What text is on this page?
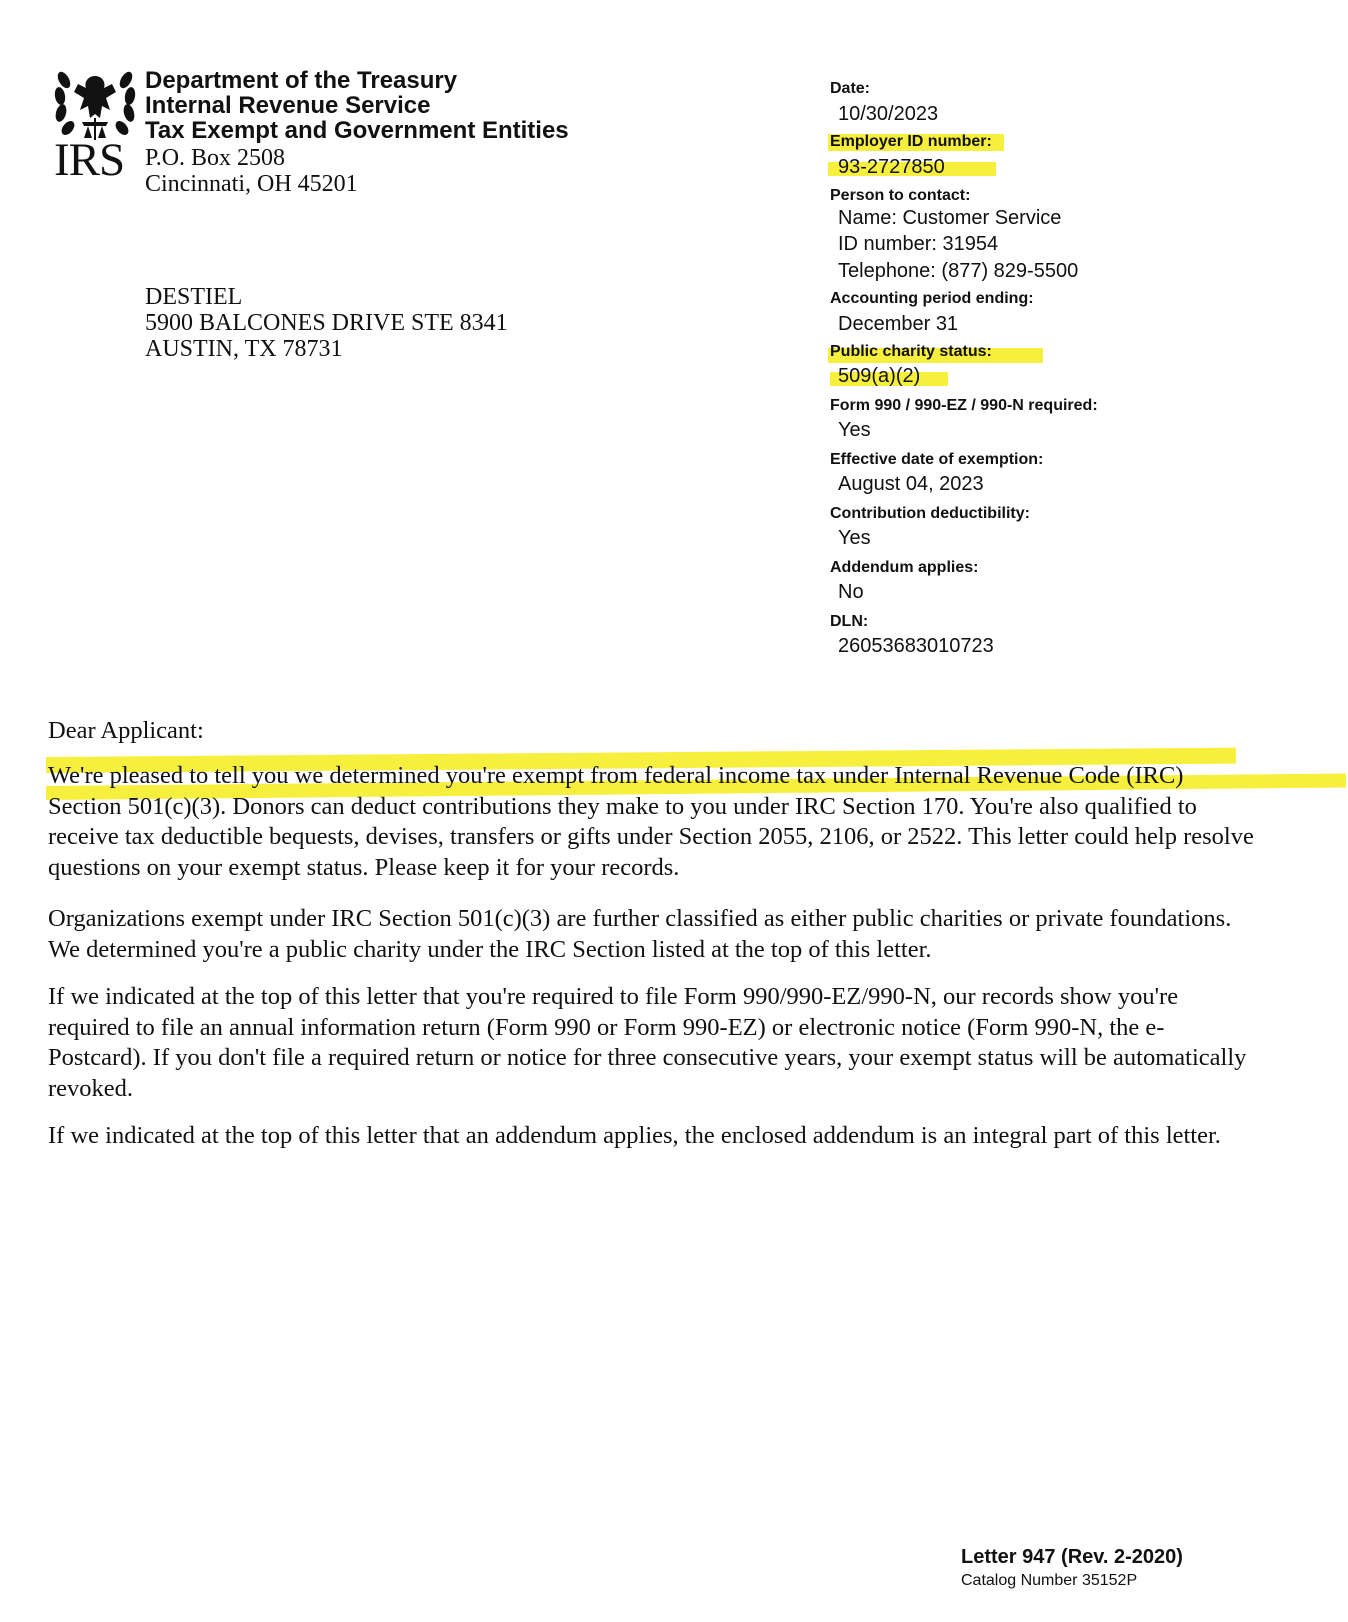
IRS
Department of the Treasury
Internal Revenue Service
Tax Exempt and Government Entities
P.O. Box 2508
Cincinnati, OH 45201
DESTIEL
5900 BALCONES DRIVE STE 8341
AUSTIN, TX 78731
Date:
10/30/2023
Employer ID number:
93-2727850
Person to contact:
Name: Customer Service
ID number: 31954
Telephone: (877) 829-5500
Accounting period ending:
December 31
Public charity status:
509(a)(2)
Form 990 / 990-EZ / 990-N required:
Yes
Effective date of exemption:
August 04, 2023
Contribution deductibility:
Yes
Addendum applies:
No
DLN:
26053683010723
Dear Applicant:
We're pleased to tell you we determined you're exempt from federal income tax under Internal Revenue Code (IRC) Section 501(c)(3). Donors can deduct contributions they make to you under IRC Section 170. You're also qualified to receive tax deductible bequests, devises, transfers or gifts under Section 2055, 2106, or 2522. This letter could help resolve questions on your exempt status. Please keep it for your records.
Organizations exempt under IRC Section 501(c)(3) are further classified as either public charities or private foundations. We determined you're a public charity under the IRC Section listed at the top of this letter.
If we indicated at the top of this letter that you're required to file Form 990/990-EZ/990-N, our records show you're required to file an annual information return (Form 990 or Form 990-EZ) or electronic notice (Form 990-N, the e-Postcard). If you don't file a required return or notice for three consecutive years, your exempt status will be automatically revoked.
If we indicated at the top of this letter that an addendum applies, the enclosed addendum is an integral part of this letter.
Letter 947 (Rev. 2-2020)
Catalog Number 35152P
